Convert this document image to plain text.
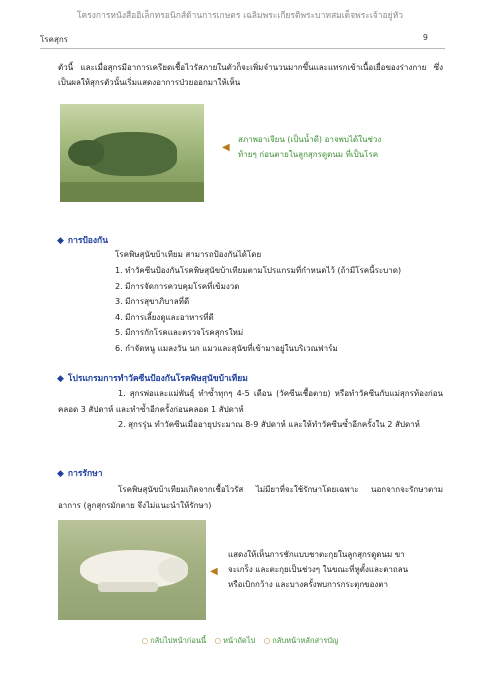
โครงการหนังสืออิเล็กทรอนิกส์ด้านการเกษตร เฉลิมพระเกียรติพระบาทสมเด็จพระเจ้าอยู่หัว
โรคสุกร	9
ตัวนี้ และเมื่อสุกรมีอาการเครียดเชื้อไวรัสภายในตัวก็จะเพิ่มจำนวนมากขึ้นและแทรกเข้าเนื้อเยื่อของร่างกาย ซึ่งเป็นผลให้สุกรตัวนั้นเริ่มแสดงอาการป่วยออกมาให้เห็น
◀
สภาพอาเจียน (เป็นน้ำดี) อาจพบได้ในช่วง
ท้ายๆ ก่อนตายในลูกสุกรดูดนม ที่เป็นโรค
◆ การป้องกัน
โรคพิษสุนัขบ้าเทียม สามารถป้องกันได้โดย
1. ทำวัคซีนป้องกันโรคพิษสุนัขบ้าเทียมตามโปรแกรมที่กำหนดไว้ (ถ้ามีโรคนี้ระบาด)
2. มีการจัดการควบคุมโรคที่เข้มงวด
3. มีการสุขาภิบาลที่ดี
4. มีการเลี้ยงดูและอาหารที่ดี
5. มีการกักโรคและตรวจโรคสุกรใหม่
6. กำจัดหนู แมลงวัน นก แมวและสุนัขที่เข้ามาอยู่ในบริเวณฟาร์ม
◆ โปรแกรมการทำวัคซีนป้องกันโรคพิษสุนัขบ้าเทียม

1. สุกรพ่อและแม่พันธุ์ ทำซ้ำทุกๆ 4-5 เดือน (วัคซีนเชื้อตาย) หรือทำวัคซีนกับแม่สุกรท้องก่อนคลอด 3 สัปดาห์ และทำซ้ำอีกครั้งก่อนคลอด 1 สัปดาห์

2. สุกรรุ่น ทำวัคซีนเมื่ออายุประมาณ 8-9 สัปดาห์ และให้ทำวัคซีนซ้ำอีกครั้งใน 2 สัปดาห์

◆ การรักษา
โรคพิษสุนัขบ้าเทียมเกิดจากเชื้อไวรัส ไม่มียาที่จะใช้รักษาโดยเฉพาะ นอกจากจะรักษาตามอาการ (ลูกสุกรมักตาย จึงไม่แนะนำให้รักษา)
◀
แสดงให้เห็นการชักแบบชาตะกุยในลูกสุกรดูดนม ขา
จะเกร็ง และตะกุยเป็นช่วงๆ ในขณะที่หูตั้งและตาถลน
หรือเบิกกว้าง และบางครั้งพบการกระตุกของตา
○ กลับไปหน้าก่อนนี้ ○ หน้าถัดไป ○ กลับหน้าหลักสารบัญ
